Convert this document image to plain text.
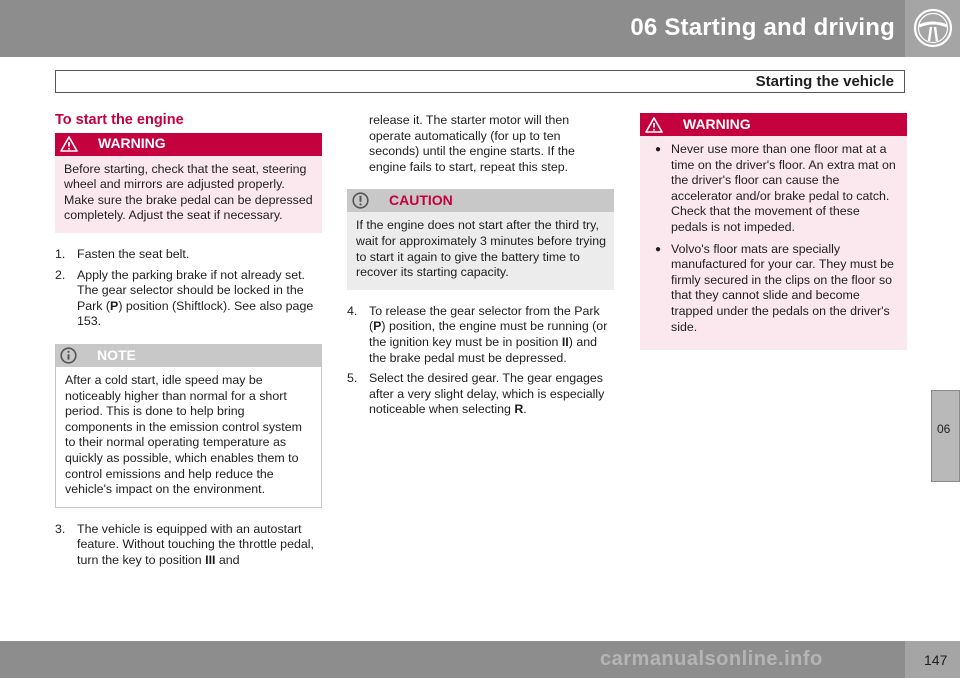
06 Starting and driving
Starting the vehicle
06
To start the engine
WARNING

Before starting, check that the seat, steering wheel and mirrors are adjusted properly. Make sure the brake pedal can be depressed completely. Adjust the seat if necessary.

1. Fasten the seat belt.
2. Apply the parking brake if not already set. The gear selector should be locked in the Park (P) position (Shiftlock). See also page 153.
NOTE

After a cold start, idle speed may be noticeably higher than normal for a short period. This is done to help bring components in the emission control system to their normal operating temperature as quickly as possible, which enables them to control emissions and help reduce the vehicle's impact on the environment.

3. The vehicle is equipped with an autostart feature. Without touching the throttle pedal, turn the key to position III and
release it. The starter motor will then operate automatically (for up to ten seconds) until the engine starts. If the engine fails to start, repeat this step.
CAUTION

If the engine does not start after the third try, wait for approximately 3 minutes before trying to start it again to give the battery time to recover its starting capacity.

4. To release the gear selector from the Park (P) position, the engine must be running (or the ignition key must be in position II) and the brake pedal must be depressed.
5. Select the desired gear. The gear engages after a very slight delay, which is especially noticeable when selecting R.
WARNING
● Never use more than one floor mat at a time on the driver's floor. An extra mat on the driver's floor can cause the accelerator and/or brake pedal to catch. Check that the movement of these pedals is not impeded.
● Volvo's floor mats are specially manufactured for your car. They must be firmly secured in the clips on the floor so that they cannot slide and become trapped under the pedals on the driver's side.
carmanualsonline.info	147
